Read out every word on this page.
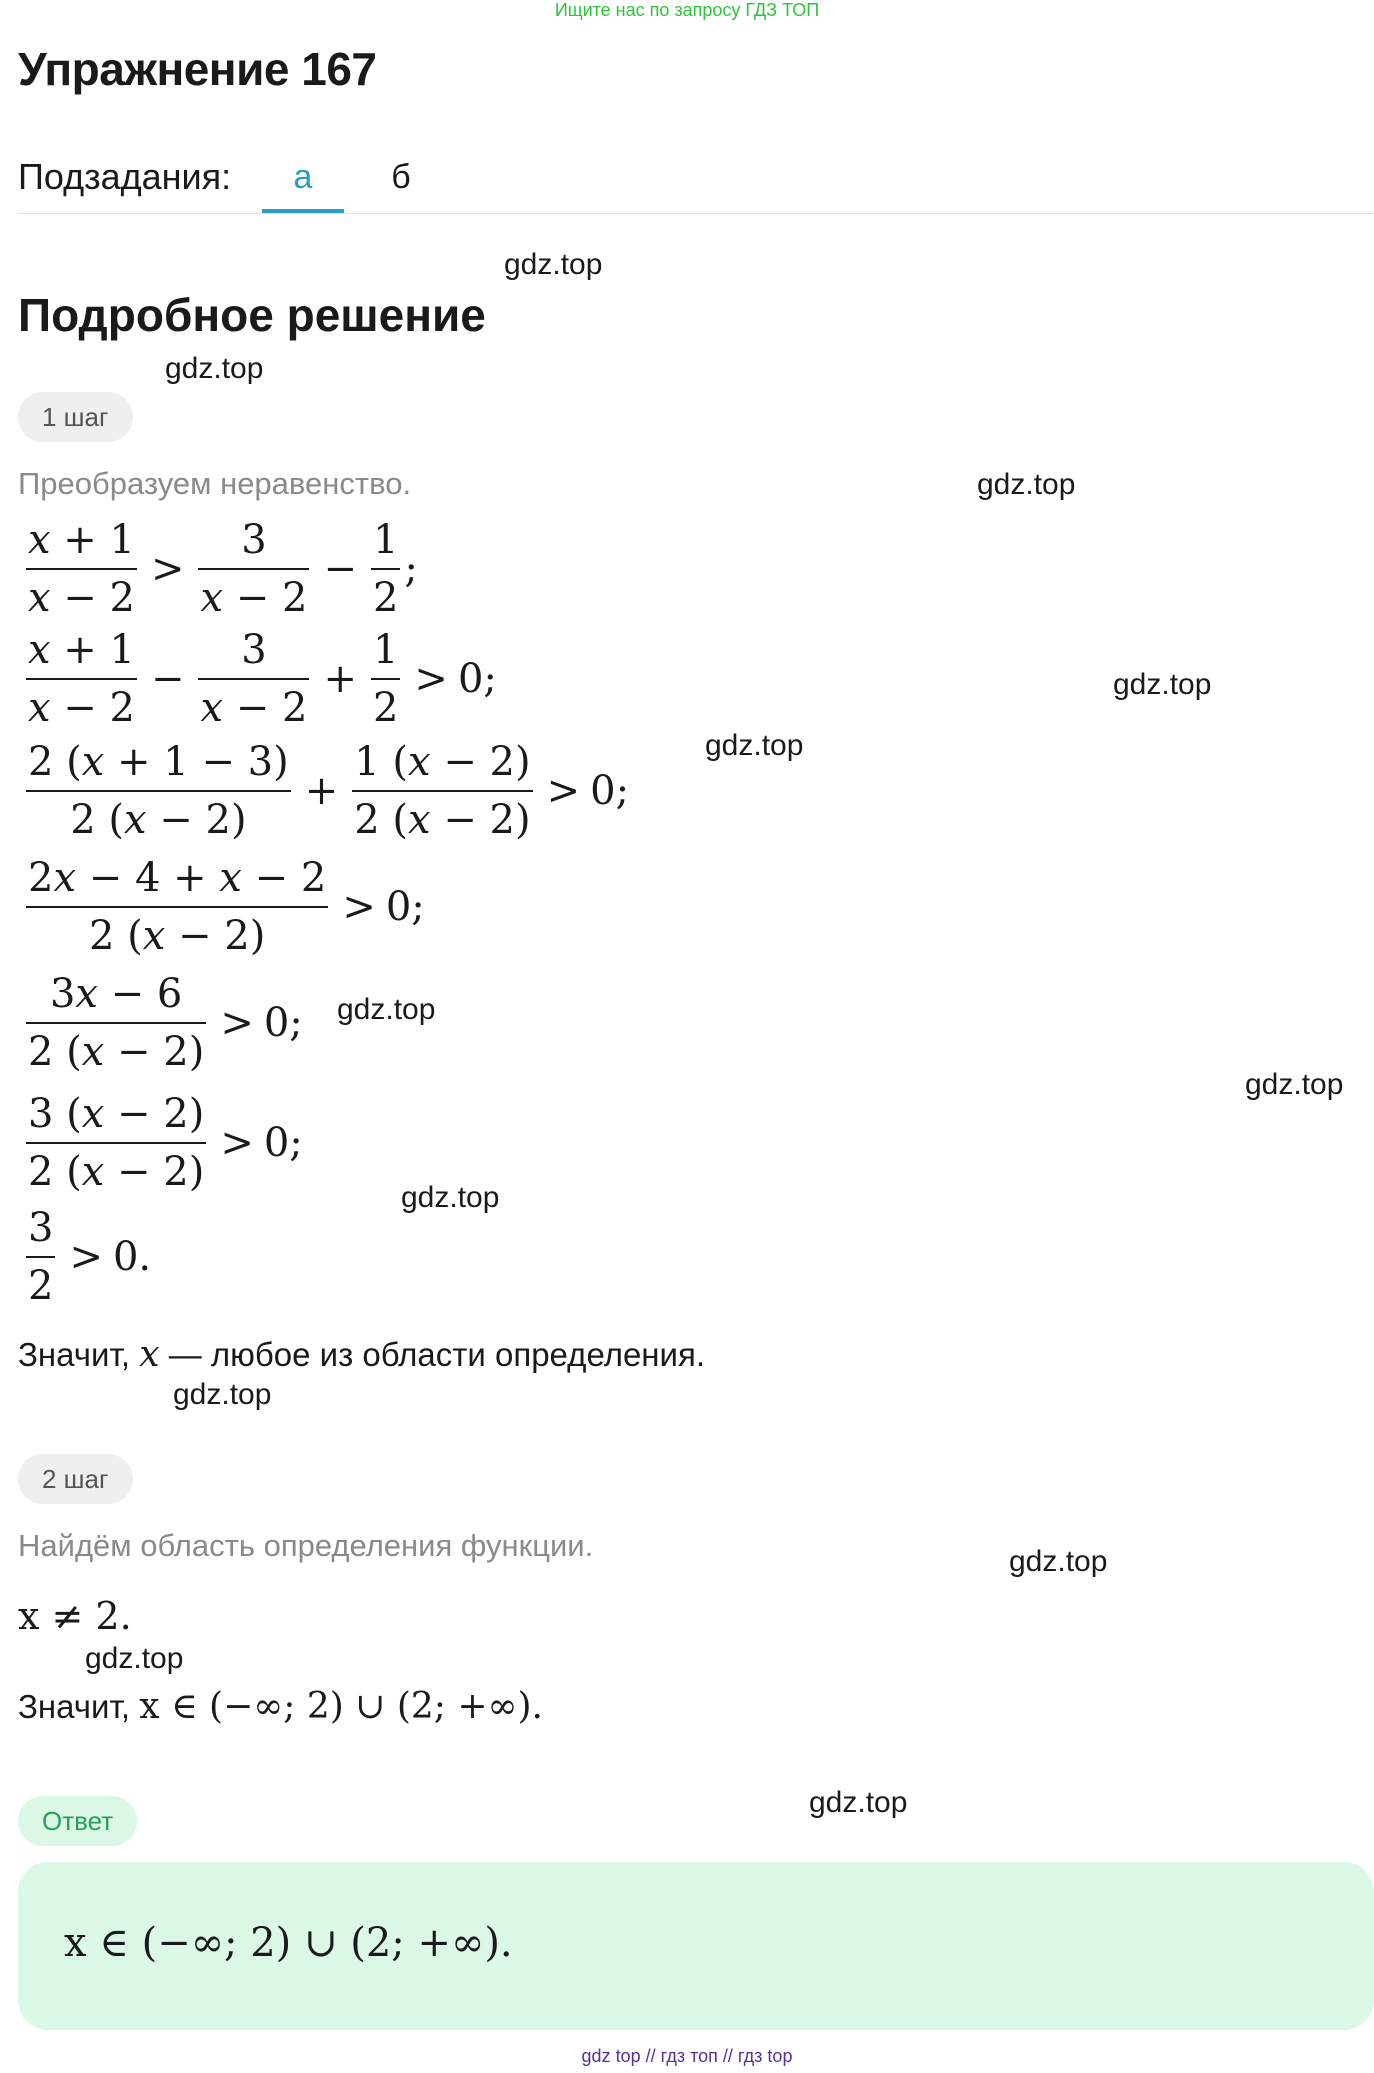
Ищите нас по запросу ГДЗ ТОП
Упражнение 167
Подзадания:	а	б
Подробное решение
gdz.top
gdz.top
gdz.top
gdz.top
gdz.top
gdz.top
gdz.top
gdz.top
gdz.top
gdz.top
gdz.top
gdz.top
1 шаг
Преобразуем неравенство.
$\frac{x + 1}{x - 2} > \frac{3}{x - 2} - \frac{1}{2}$ ;
$\frac{x + 1}{x - 2} - \frac{3}{x - 2} + \frac{1}{2} > 0$;
$\frac{2 (x + 1 - 3)}{2 (x - 2)} + \frac{1 (x - 2)}{2 (x - 2)} > 0$;
$\frac{2x - 4 + x - 2}{2 (x - 2)} > 0$;
$\frac{3x - 6}{2 (x - 2)} > 0$;
$\frac{3 (x - 2)}{2 (x - 2)} > 0$;
$\frac{3}{2} > 0$.
Значит, x — любое из области определения.
2 шаг
Найдём область определения функции.
x ≠ 2.
Значит, x ∈ (−∞; 2) ∪ (2; +∞).
Ответ
x ∈ (−∞; 2) ∪ (2; +∞).
gdz top // гдз топ // гдз top
